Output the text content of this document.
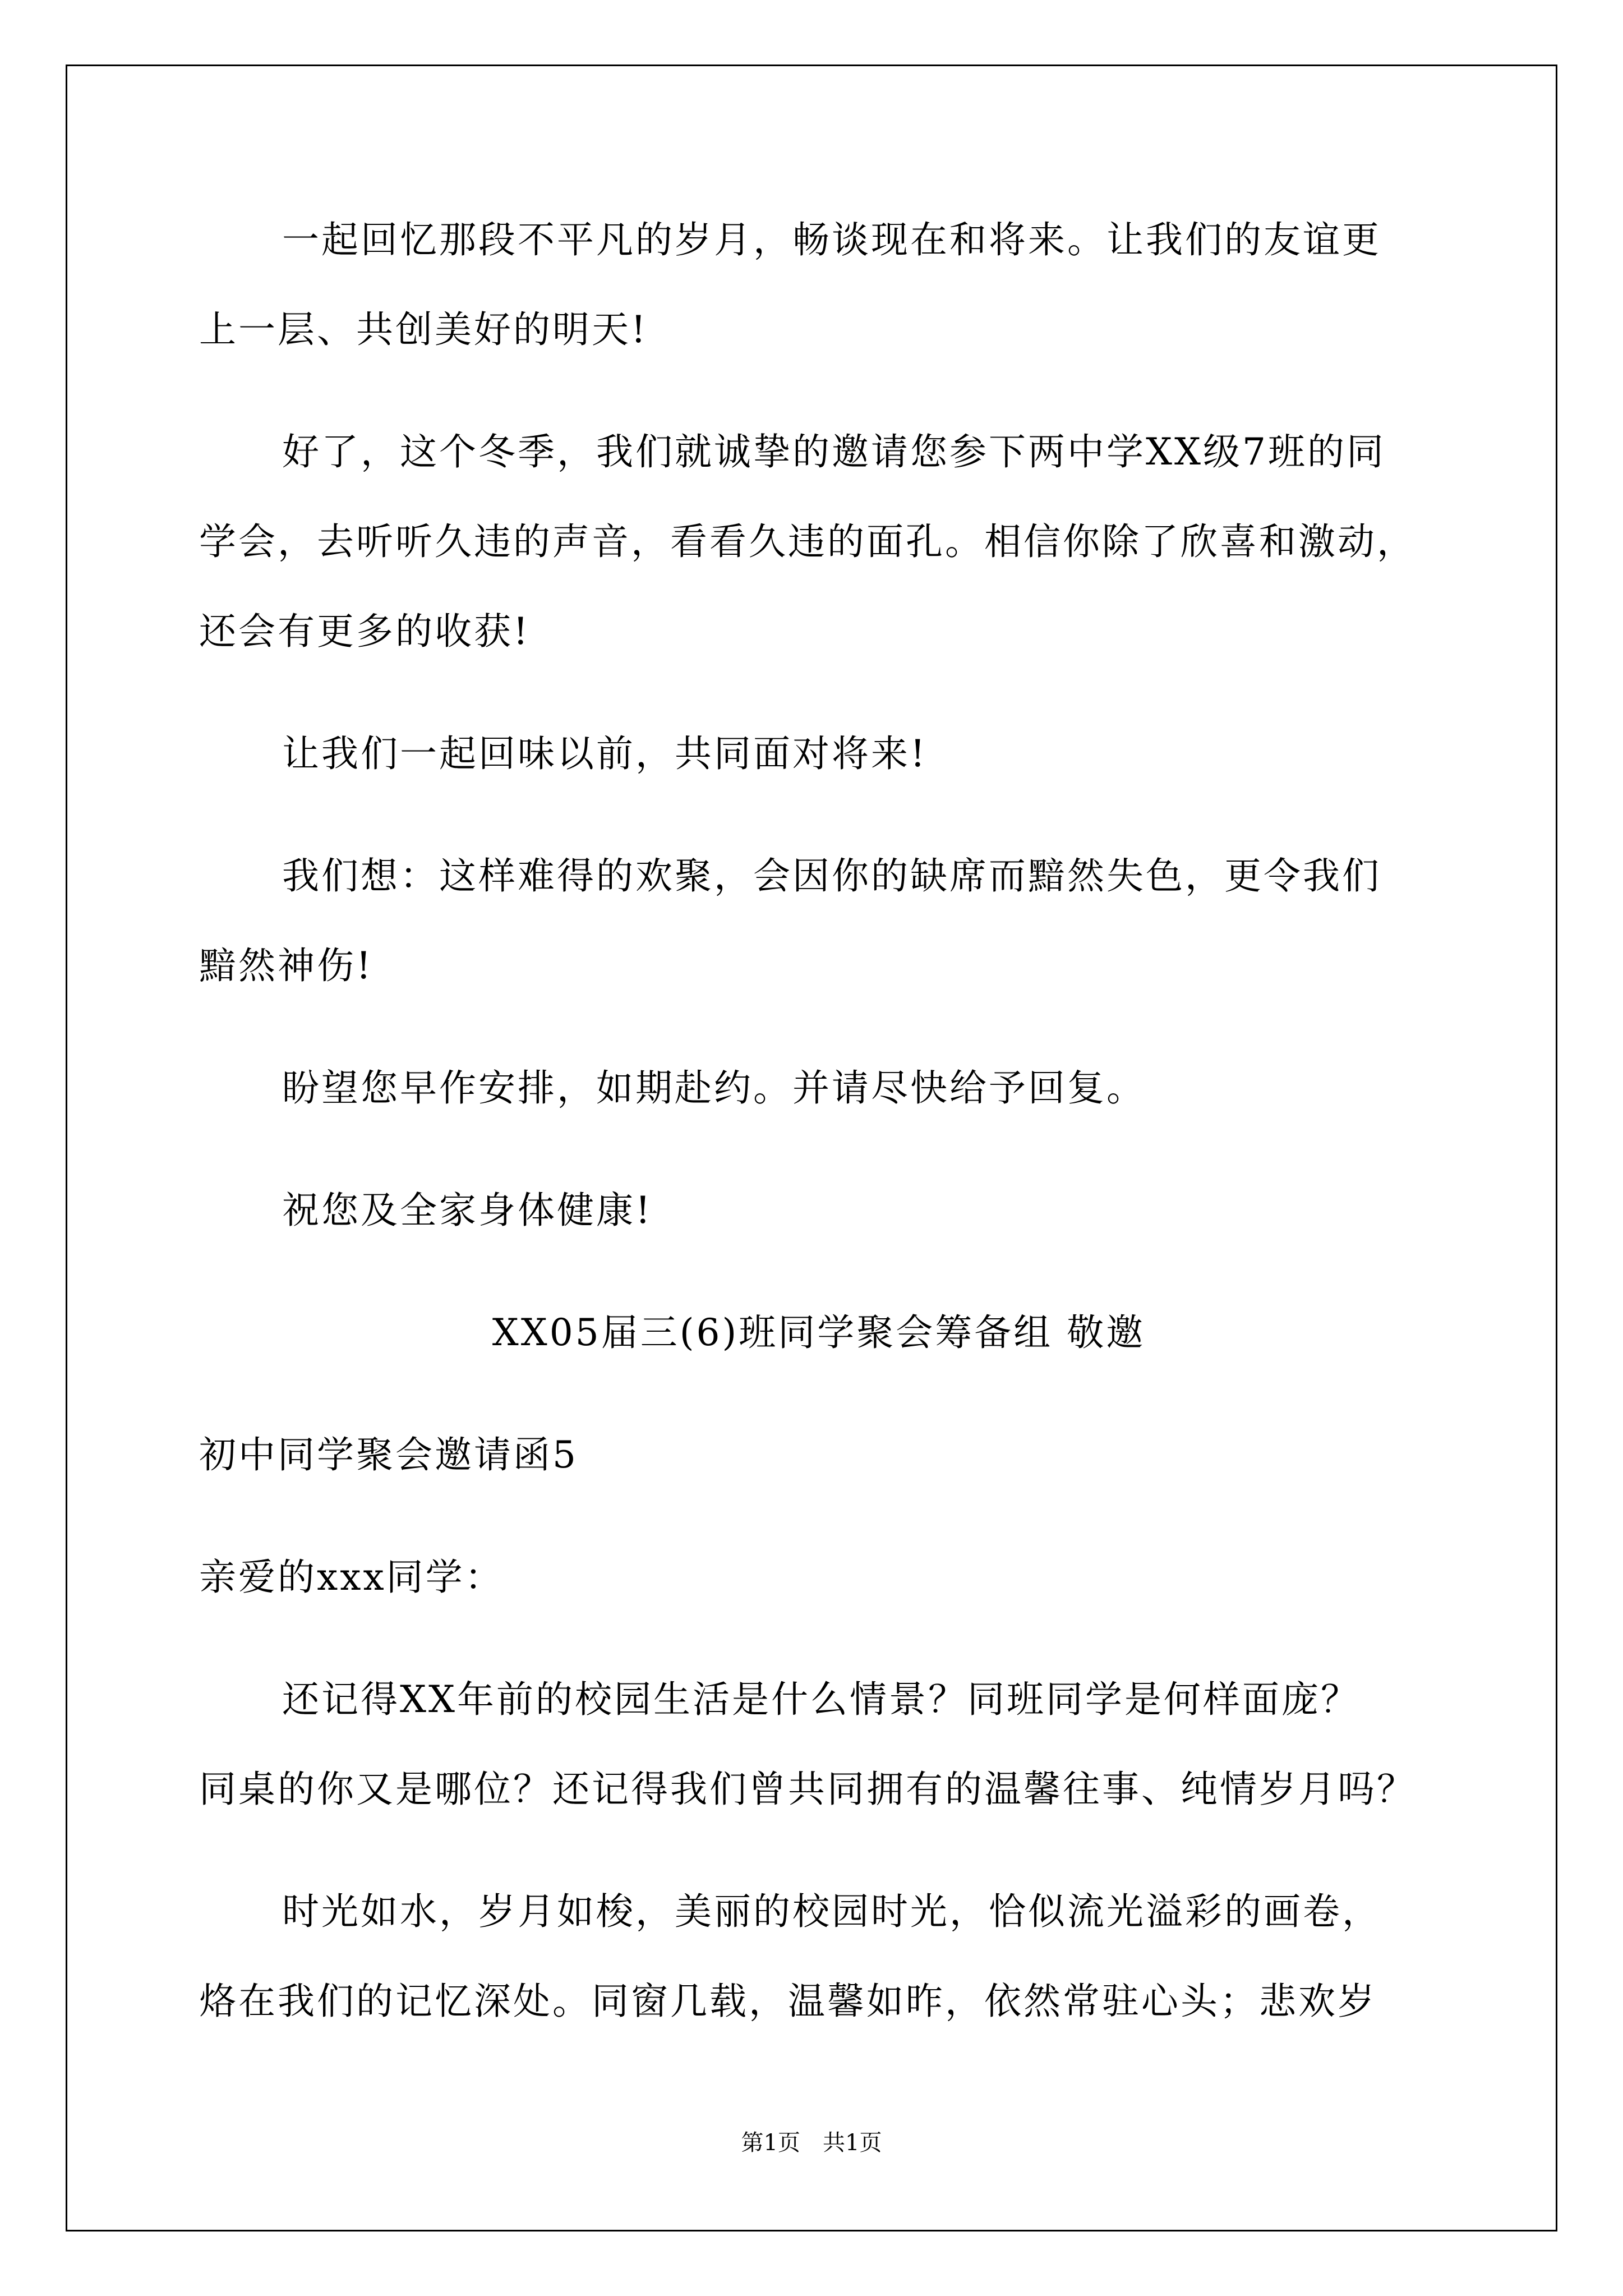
一起回忆那段不平凡的岁月，畅谈现在和将来。让我们的友谊更
上一层、共创美好的明天!
好了，这个冬季，我们就诚挚的邀请您参下两中学XX级7班的同
学会，去听听久违的声音，看看久违的面孔。相信你除了欣喜和激动，
还会有更多的收获!
让我们一起回味以前，共同面对将来!
我们想：这样难得的欢聚，会因你的缺席而黯然失色，更令我们
黯然神伤!
盼望您早作安排，如期赴约。并请尽快给予回复。
祝您及全家身体健康!
XX05届三(6)班同学聚会筹备组 敬邀
初中同学聚会邀请函5
亲爱的xxx同学：
还记得XX年前的校园生活是什么情景？同班同学是何样面庞？
同桌的你又是哪位？还记得我们曾共同拥有的温馨往事、纯情岁月吗？
时光如水，岁月如梭，美丽的校园时光，恰似流光溢彩的画卷，
烙在我们的记忆深处。同窗几载，温馨如昨，依然常驻心头；悲欢岁
第1页　共1页
